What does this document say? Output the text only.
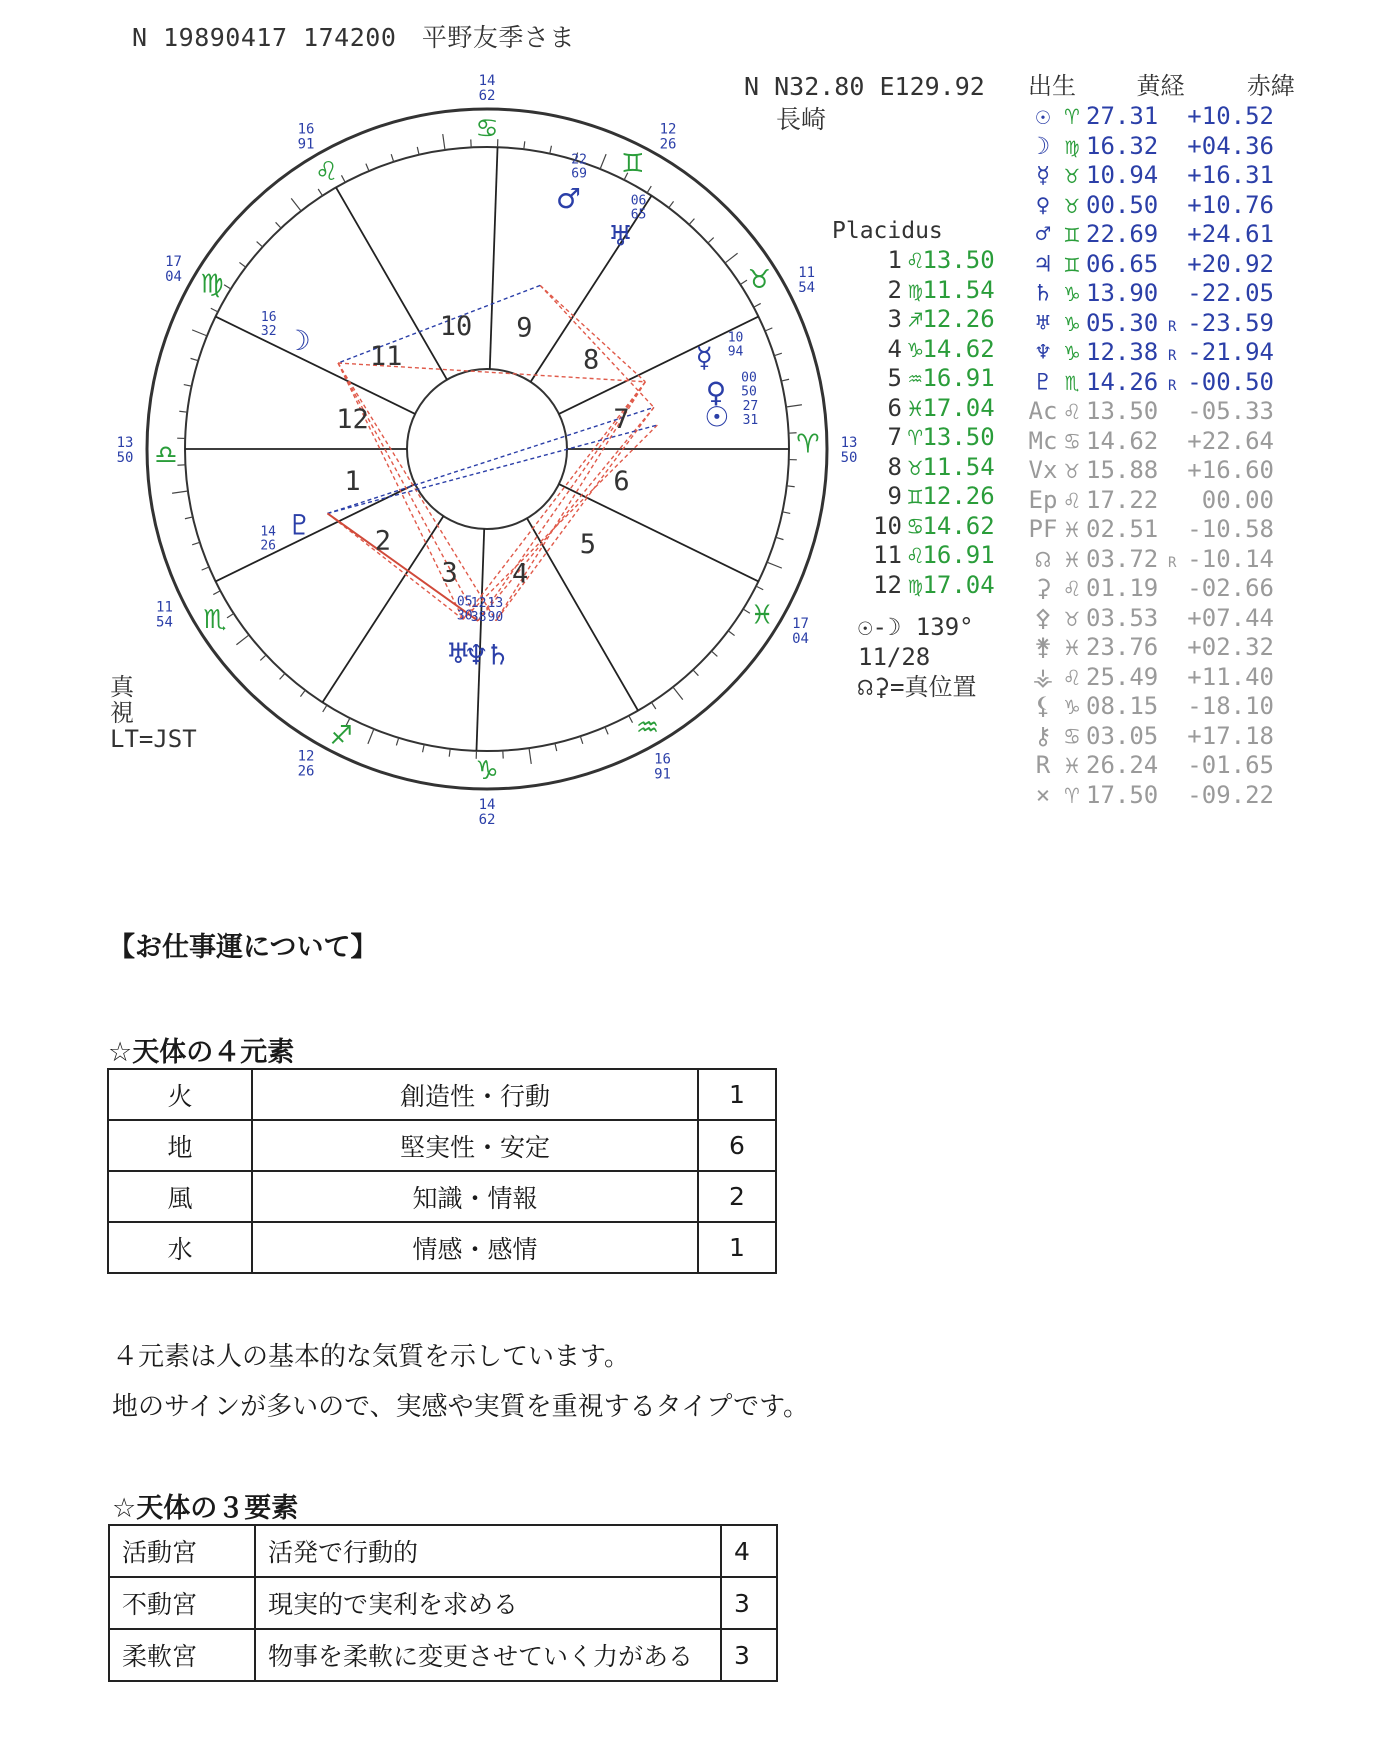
N 19890417 174200　平野友季さま
N N32.80 E129.92
長崎
♋
♊
♉
♈
♓
♒
♑
♐
♏
♎
♍
♌
1
2
3 4
5
6
7
8
9
10
11
12
14
62
12
26
11
54
13
50
17
04
16
91
14
62
12
26
11
54
13
50
17
04
16
91
☉ 27
31
♀ 00
50
☿
10
94
♅
06
65
♂
22
69
☽
16
32
♇
14
26
♅
05
30
♆
12
38
♄
13
90
真
視
LT=JST
Placidus
1 ♌13.50
2 ♍11.54
3 ♐12.26
4 ♑14.62
5 ♒16.91
6 ♓17.04
7 ♈13.50
8 ♉11.54
9 ♊12.26
10 ♋14.62
11 ♌16.91
12 ♍17.04
出生	黄経	赤緯
☉ ♈ 27.31 +10.52
☽ ♍ 16.32 +04.36
☿ ♉ 10.94 +16.31
♀ ♉ 00.50 +10.76
♂ ♊ 22.69 +24.61
♃ ♊ 06.65 +20.92
♄ ♑ 13.90 -22.05
♅ ♑ 05.30 R -23.59
♆ ♑ 12.38 R -21.94
♇ ♏ 14.26 R -00.50
Ac ♌ 13.50 -05.33
Mc ♋ 14.62 +22.64
Vx ♉ 15.88 +16.60
Ep ♌ 17.22 00.00
PF ♓ 02.51 -10.58
☊ ♓ 03.72 R -10.14
⚳ ♌ 01.19 -02.66
⚴ ♉ 03.53 +07.44
⚵ ♓ 23.76 +02.32
⚶ ♌ 25.49 +11.40
⚸ ♑ 08.15 -18.10
⚷ ♋ 03.05 +17.18
R ♓ 26.24 -01.65
× ♈ 17.50 -09.22
☉-☽ 139°
11/28
☊⚳=真位置
【お仕事運について】
☆天体の４元素
火	創造性・行動	1
地	堅実性・安定	6
風	知識・情報	2
水	情感・感情	1
４元素は人の基本的な気質を示しています。
地のサインが多いので、実感や実質を重視するタイプです。
☆天体の３要素
活動宮	活発で行動的	4
不動宮	現実的で実利を求める	3
柔軟宮	物事を柔軟に変更させていく力がある	3
